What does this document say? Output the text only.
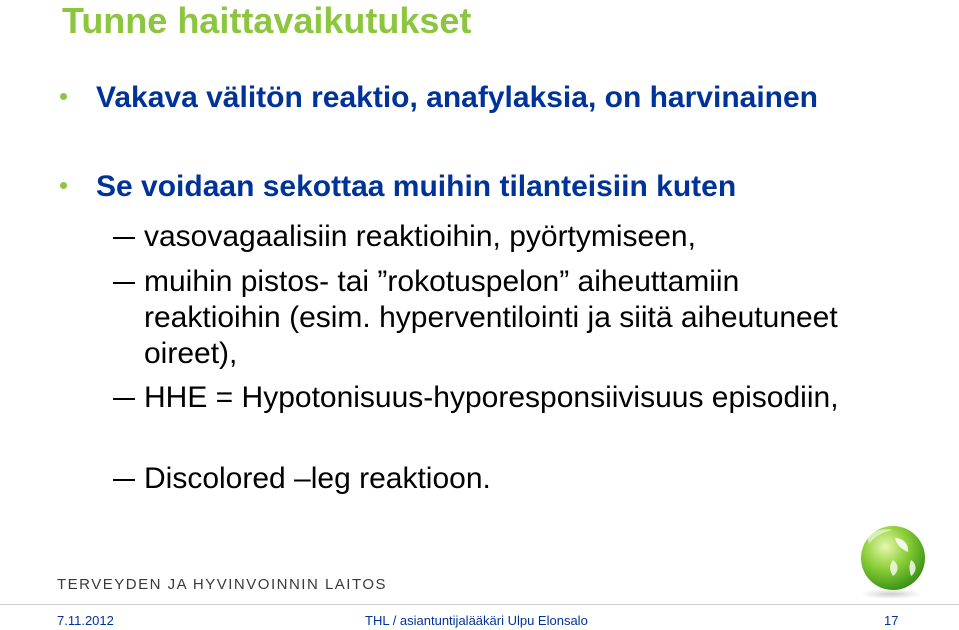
Tunne haittavaikutukset
Vakava välitön reaktio, anafylaksia, on harvinainen
Se voidaan sekottaa muihin tilanteisiin kuten
vasovagaalisiin reaktioihin, pyörtymiseen,
muihin pistos- tai ”rokotuspelon” aiheuttamiin reaktioihin (esim. hyperventilointi ja siitä aiheutuneet oireet),
HHE = Hypotonisuus-hyporesponsiivisuus episodiin,
Discolored –leg reaktioon.
TERVEYDEN JA HYVINVOINNIN LAITOS
7.11.2012	THL / asiantuntijalääkäri Ulpu Elonsalo	17
